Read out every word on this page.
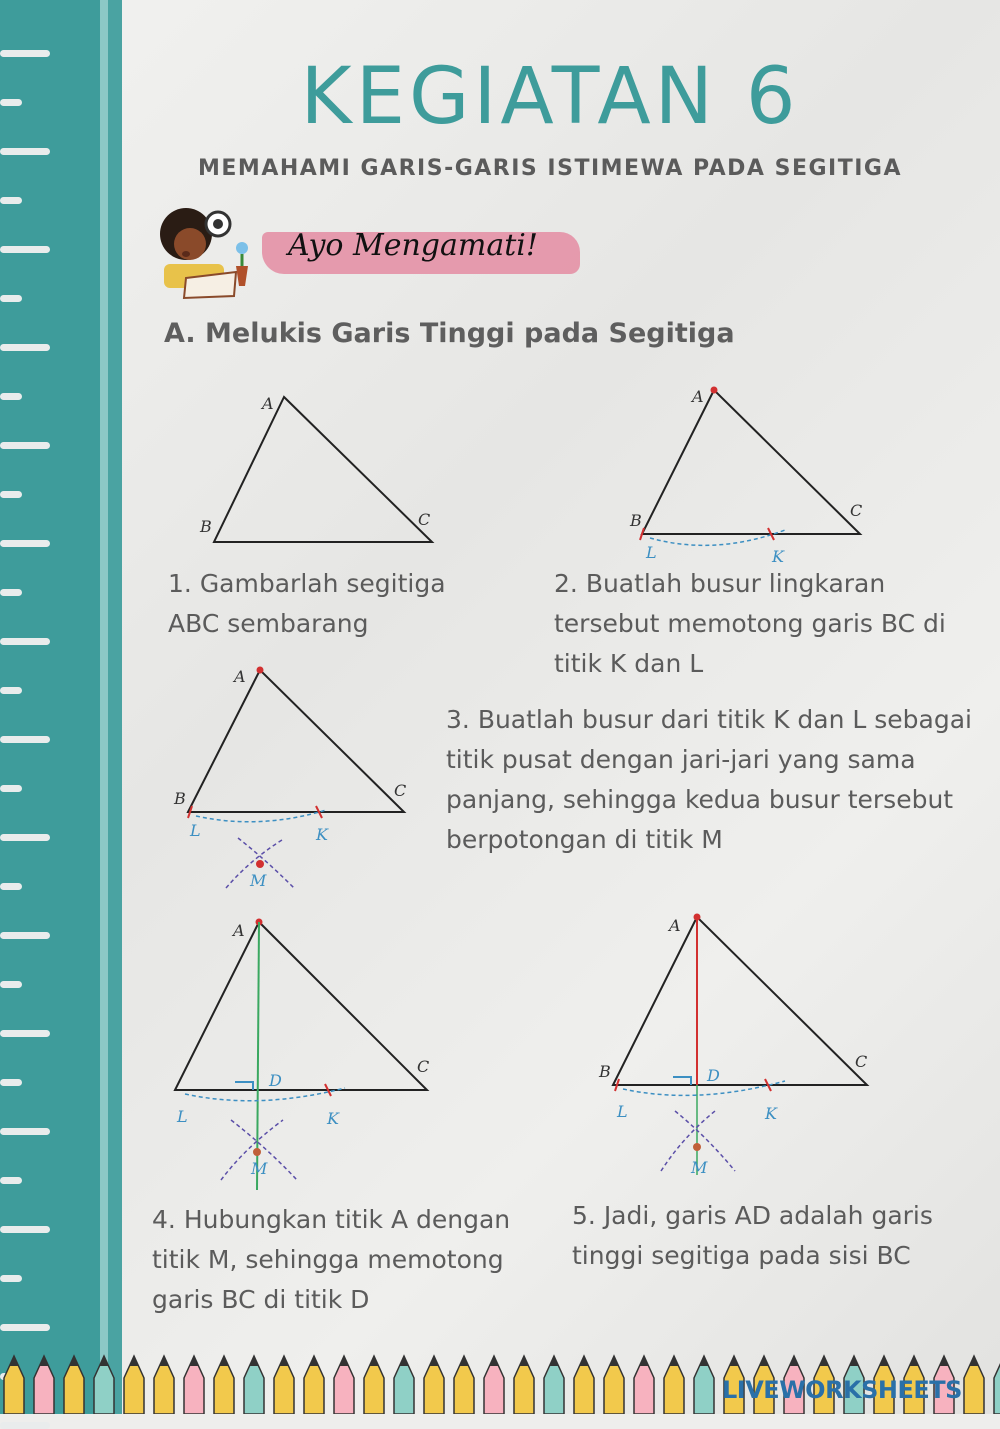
KEGIATAN 6
MEMAHAMI GARIS-GARIS ISTIMEWA PADA SEGITIGA
Ayo Mengamati!
A. Melukis Garis Tinggi pada Segitiga
A
B	C
A
B
C
L	K
A
B	C
L	K
M
A
C
D
L	K
M
A
B
C
D
L	K
M
1. Gambarlah segitiga ABC sembarang
2. Buatlah busur lingkaran tersebut memotong garis BC di titik K dan L
3. Buatlah busur dari titik K dan L sebagai titik pusat dengan jari-jari yang sama panjang, sehingga kedua busur tersebut berpotongan di titik M
4. Hubungkan titik A dengan titik M, sehingga memotong garis BC di titik D
5. Jadi, garis AD adalah garis tinggi segitiga pada sisi BC
LIVEWORKSHEETS
